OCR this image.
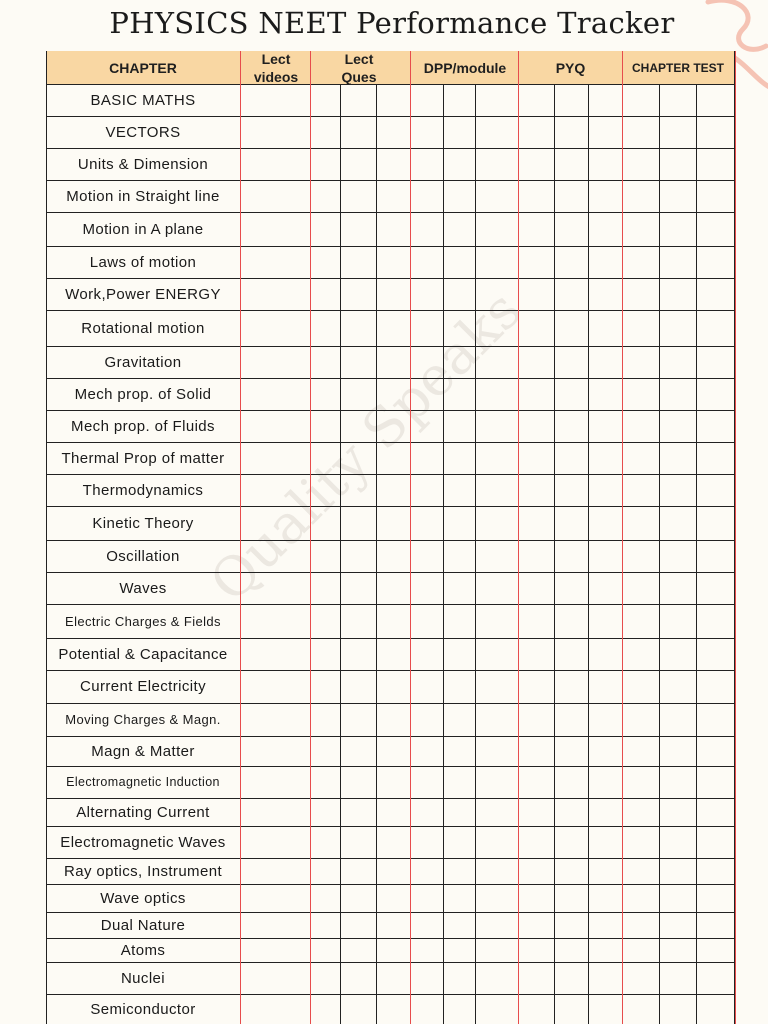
PHYSICS NEET Performance Tracker
Quality Speaks
CHAPTER
Lect
videos
Lect
Ques
DPP/module	PYQ	CHAPTER TEST
BASIC MATHS
VECTORS
Units & Dimension
Motion in Straight line
Motion in A plane
Laws of motion
Work,Power ENERGY
Rotational motion
Gravitation
Mech prop. of Solid
Mech prop. of Fluids
Thermal Prop of matter
Thermodynamics
Kinetic Theory
Oscillation
Waves
Electric Charges & Fields
Potential & Capacitance
Current Electricity
Moving Charges & Magn.
Magn & Matter
Electromagnetic Induction
Alternating Current
Electromagnetic Waves
Ray optics, Instrument
Wave optics
Dual Nature
Atoms
Nuclei
Semiconductor
